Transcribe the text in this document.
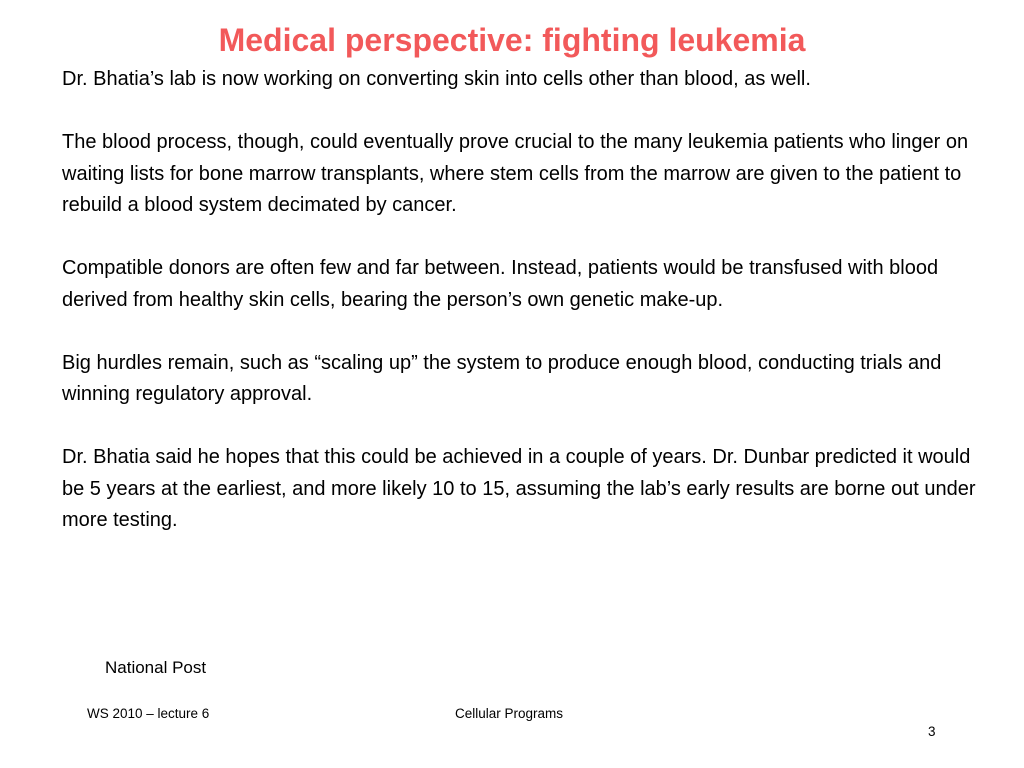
Medical perspective: fighting leukemia

Dr. Bhatia’s lab is now working on converting skin into cells other than blood, as well.

The blood process, though, could eventually prove crucial to the many leukemia patients who linger on waiting lists for bone marrow transplants, where stem cells from the marrow are given to the patient to rebuild a blood system decimated by cancer.

Compatible donors are often few and far between. Instead, patients would be transfused with blood derived from healthy skin cells, bearing the person’s own genetic make-up.

Big hurdles remain, such as “scaling up” the system to produce enough blood, conducting trials and winning regulatory approval.

Dr. Bhatia said he hopes that this could be achieved in a couple of years. Dr. Dunbar predicted it would be 5 years at the earliest, and more likely 10 to 15, assuming the lab’s early results are borne out under more testing.

National Post
WS 2010 – lecture 6	Cellular Programs
3
